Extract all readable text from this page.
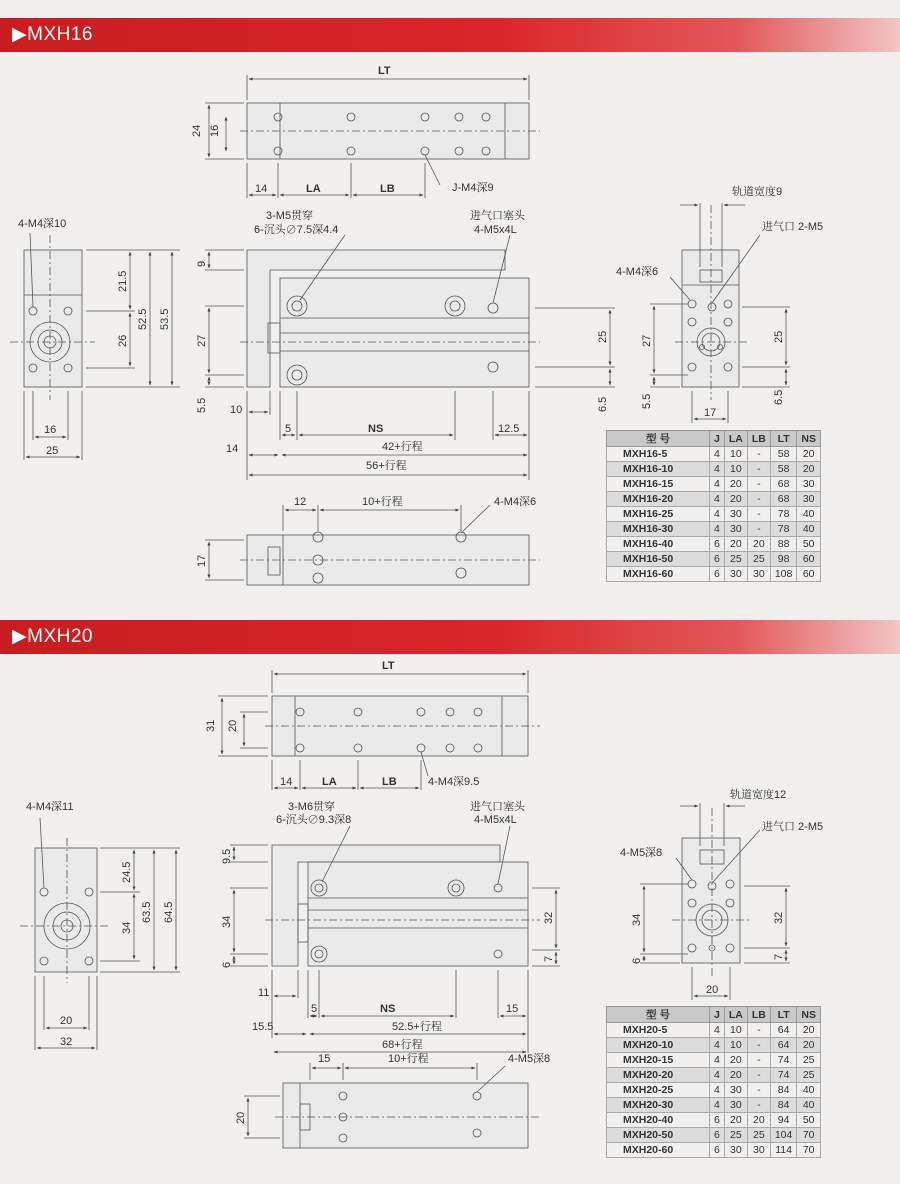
▶MXH16
LT
24 16
14	LA	LB	J-M4深9
4-M4深10
21.5
26
52.5 53.5
16
25
3-M5贯穿
6-沉头∅7.5深4.4
进气口塞头
4-M5x4L
9
27
5.5
25
6.5
10
5	NS	12.5
14	42+行程
56+行程
轨道宽度9
进气口 2-M5
4-M4深6
27
5.5
25
6.5
17
12	10+行程	4-M4深6
17
型 号	J	LA	LB	LT	NS
MXH16-5	4	10	-	58	20
MXH16-10	4	10	-	58	20
MXH16-15	4	20	-	68	30
MXH16-20	4	20	-	68	30
MXH16-25	4	30	-	78	40
MXH16-30	4	30	-	78	40
MXH16-40	6	20	20	88	50
MXH16-50	6	25	25	98	60
MXH16-60	6	30	30	108	60
▶MXH20
LT
31 20
14	LA	LB	4-M4深9.5
4-M4深11
24.5
34
63.5 64.5
20
32
3-M6贯穿
6-沉头∅9.3深8
进气口塞头
4-M5x4L
9.5
34
6
32
7
11
5	NS	15
15.5	52.5+行程
68+行程
轨道宽度12
进气口 2-M5
4-M5深8
34
6
32
7
20
15	10+行程	4-M5深8
20
型 号	J	LA	LB	LT	NS
MXH20-5	4	10	-	64	20
MXH20-10	4	10	-	64	20
MXH20-15	4	20	-	74	25
MXH20-20	4	20	-	74	25
MXH20-25	4	30	-	84	40
MXH20-30	4	30	-	84	40
MXH20-40	6	20	20	94	50
MXH20-50	6	25	25	104	70
MXH20-60	6	30	30	114	70
